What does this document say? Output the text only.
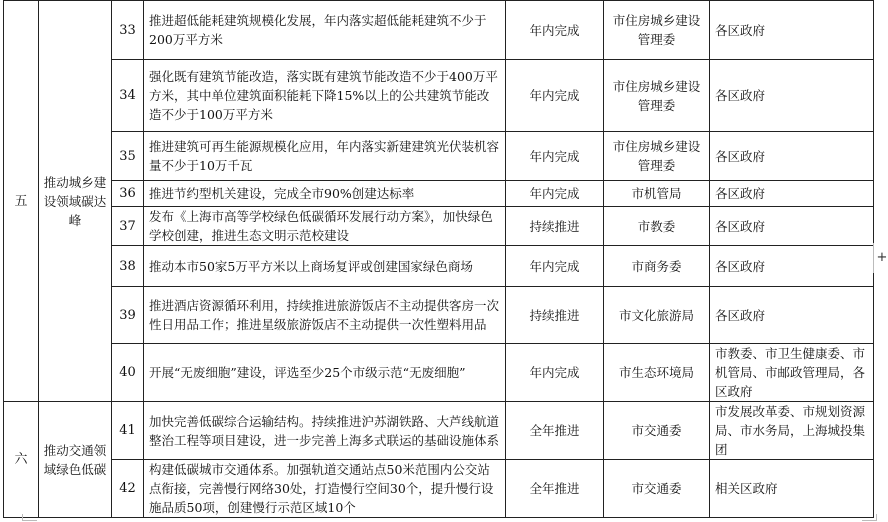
五	推动城乡建设领域碳达峰	33	推进超低能耗建筑规模化发展，年内落实超低能耗建筑不少于200万平方米	年内完成	市住房城乡建设管理委	各区政府
		34	强化既有建筑节能改造，落实既有建筑节能改造不少于400万平方米，其中单位建筑面积能耗下降15%以上的公共建筑节能改造不少于100万平方米	年内完成	市住房城乡建设管理委	各区政府
		35	推进建筑可再生能源规模化应用，年内落实新建建筑光伏装机容量不少于10万千瓦	年内完成	市住房城乡建设管理委	各区政府
		36	推进节约型机关建设，完成全市90%创建达标率	年内完成	市机管局	各区政府
		37	发布《上海市高等学校绿色低碳循环发展行动方案》，加快绿色学校创建，推进生态文明示范校建设	持续推进	市教委	各区政府
		38	推动本市50家5万平方米以上商场复评或创建国家绿色商场	年内完成	市商务委	各区政府
		39	推进酒店资源循环利用，持续推进旅游饭店不主动提供客房一次性日用品工作；推进星级旅游饭店不主动提供一次性塑料用品	持续推进	市文化旅游局	各区政府
		40	开展“无废细胞”建设，评选至少25个市级示范“无废细胞”	年内完成	市生态环境局	市教委、市卫生健康委、市机管局、市邮政管理局，各区政府
六	推动交通领域绿色低碳	41	加快完善低碳综合运输结构。持续推进沪苏湖铁路、大芦线航道整治工程等项目建设，进一步完善上海多式联运的基础设施体系	全年推进	市交通委	市发展改革委、市规划资源局、市水务局，上海城投集团
		42	构建低碳城市交通体系。加强轨道交通站点50米范围内公交站点衔接，完善慢行网络30处，打造慢行空间30个，提升慢行设施品质50项，创建慢行示范区域10个	全年推进	市交通委	相关区政府
+
